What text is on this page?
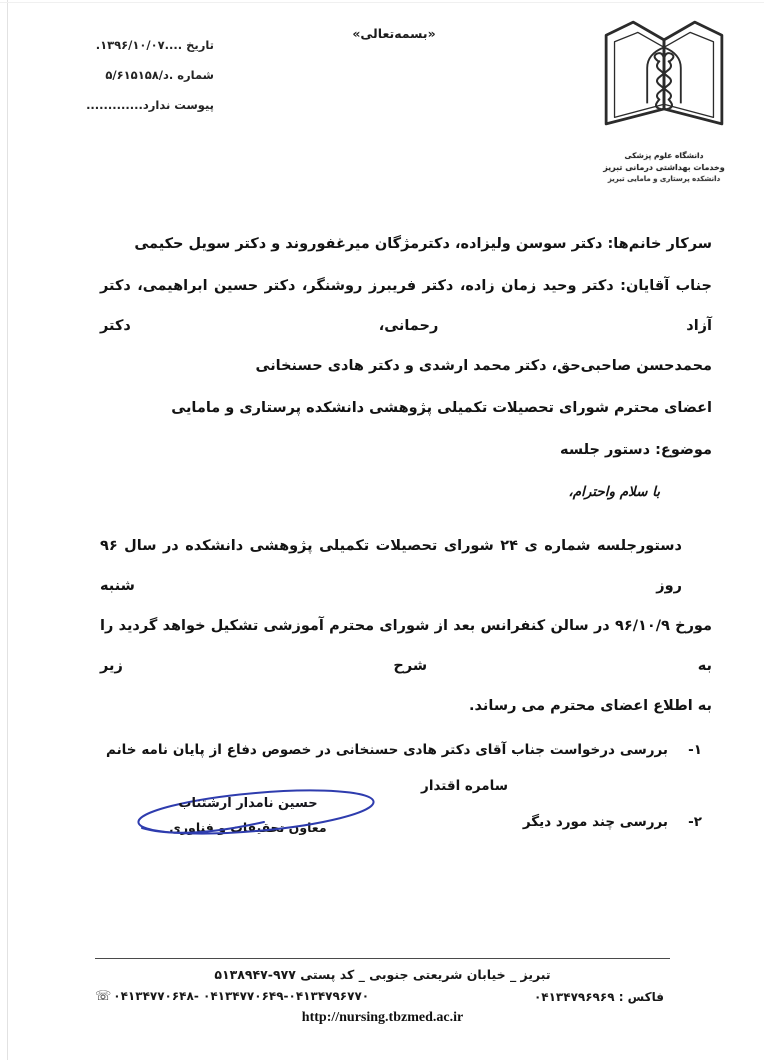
تاریخ ....۱۳۹۶/۱۰/۰۷.
شماره .۵/د/۶۱۵۱۵۸
پیوست ندارد.............
«بسمه‌تعالی»
دانشگاه علوم پزشکی
وخدمات بهداشتی درمانی تبریز
دانشکده پرستاری و مامایی تبریز
سرکار خانم‌ها: دکتر سوسن ولیزاده، دکترمژگان میرغفوروند و دکتر سویل حکیمی
جناب آقایان: دکتر وحید زمان زاده، دکتر فریبرز روشنگر، دکتر حسین ابراهیمی، دکتر آزاد رحمانی، دکتر
محمدحسن صاحبی‌حق، دکتر محمد ارشدی و دکتر هادی حسنخانی
اعضای محترم شورای تحصیلات تکمیلی پژوهشی دانشکده پرستاری و مامایی
موضوع: دستور جلسه
با سلام واحترام،
دستورجلسه شماره ی ۲۴ شورای تحصیلات تکمیلی پژوهشی دانشکده در سال ۹۶ روز شنبه
مورخ ۹۶/۱۰/۹ در سالن کنفرانس بعد از شورای محترم آموزشی تشکیل خواهد گردید را به شرح زیر
به اطلاع اعضای محترم می رساند.
۱-
بررسی درخواست جناب آقای دکتر هادی حسنخانی در خصوص دفاع از پایان نامه خانم
سامره اقتدار
۲-
بررسی چند مورد دیگر
حسین نامدار ارشتناب
معاون تحقیقات و فناوری
تبریز _ خیابان شریعتی جنوبی _ کد پستی ۵۱۳۸۹۴۷-۹۷۷
☏ ۰۴۱۳۴۷۷۰۶۴۸- ۰۴۱۳۴۷۷۰۶۴۹-۰۴۱۳۴۷۹۶۷۷۰	فاکس : ۰۴۱۳۴۷۹۶۹۶۹
http://nursing.tbzmed.ac.ir
